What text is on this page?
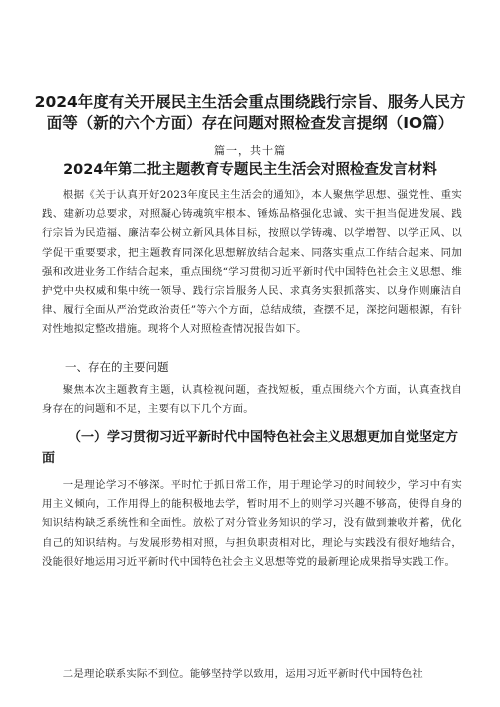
2024年度有关开展民主生活会重点围绕践行宗旨、服务人民方面等（新的六个方面）存在问题对照检查发言提纲（IO篇）
篇一，共十篇
2024年第二批主题教育专题民主生活会对照检查发言材料

根据《关于认真开好2023年度民主生活会的通知》，本人聚焦学思想、强党性、重实践、建新功总要求，对照凝心铸魂筑牢根本、锤炼品格强化忠诚、实干担当促进发展、践行宗旨为民造福、廉洁奉公树立新风具体目标，按照以学铸魂、以学增智、以学正风、以学促干重要要求，把主题教育同深化思想解放结合起来、同落实重点工作结合起来、同加强和改进业务工作结合起来，重点围绕“学习贯彻习近平新时代中国特色社会主义思想、维护党中央权威和集中统一领导、践行宗旨服务人民、求真务实狠抓落实、以身作则廉洁自律、履行全面从严治党政治责任”等六个方面，总结成绩，查摆不足，深挖问题根源，有针对性地拟定整改措施。现将个人对照检查情况报告如下。

一、存在的主要问题

聚焦本次主题教育主题，认真检视问题，查找短板，重点围绕六个方面，认真查找自身存在的问题和不足，主要有以下几个方面。

（一）学习贯彻习近平新时代中国特色社会主义思想更加自觉坚定方面

一是理论学习不够深。平时忙于抓日常工作，用于理论学习的时间较少，学习中有实用主义倾向，工作用得上的能积极地去学，暂时用不上的则学习兴趣不够高，使得自身的知识结构缺乏系统性和全面性。放松了对分管业务知识的学习，没有做到兼收并蓄，优化自己的知识结构。与发展形势相对照，与担负职责相对比，理论与实践没有很好地结合，没能很好地运用习近平新时代中国特色社会主义思想等党的最新理论成果指导实践工作。

二是理论联系实际不到位。能够坚持学以致用，运用习近平新时代中国特色社
